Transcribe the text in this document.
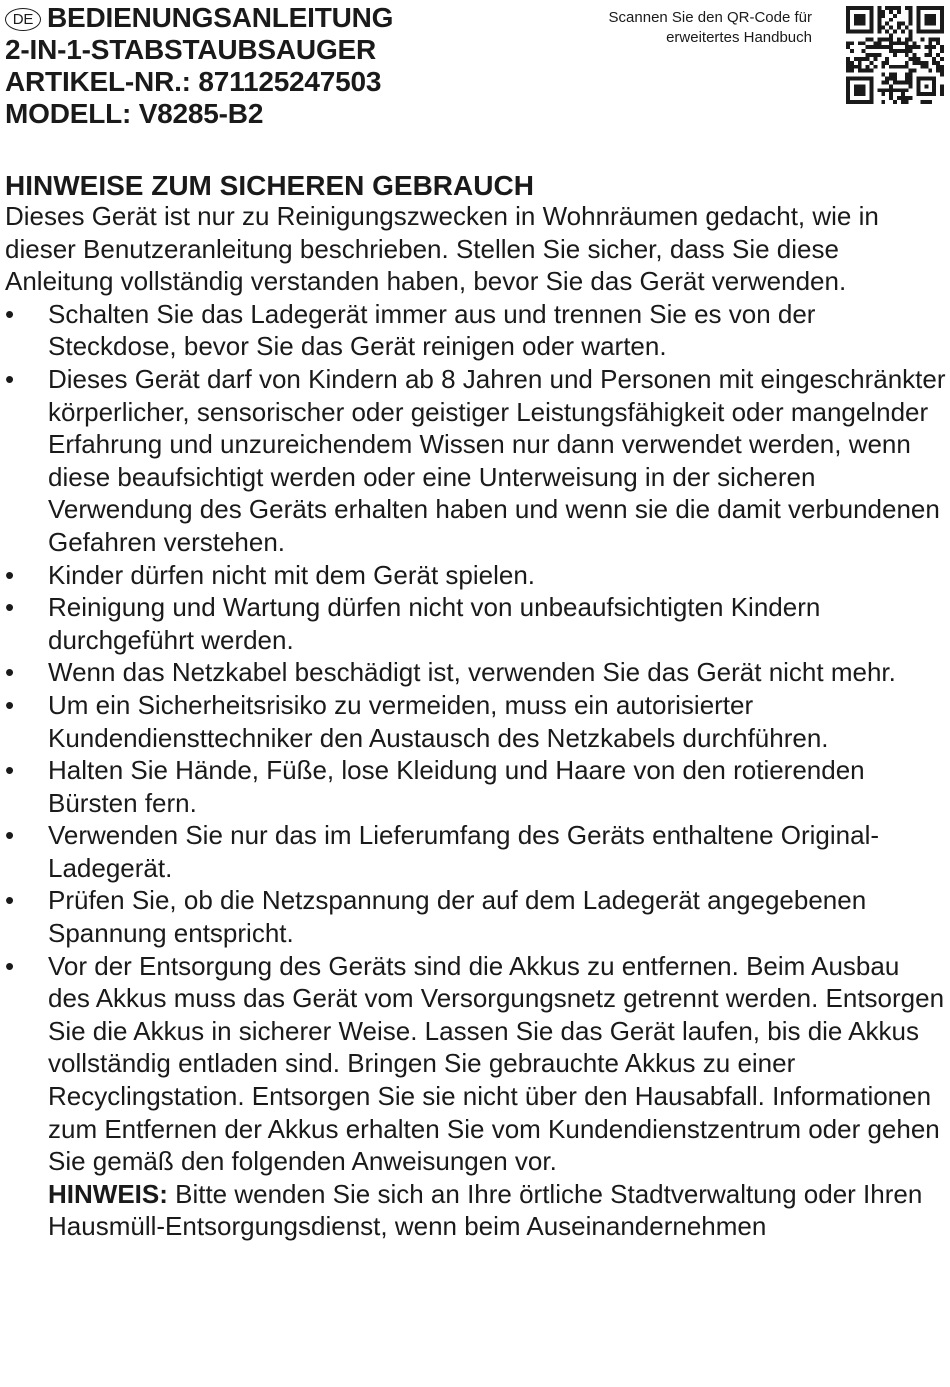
DE BEDIENUNGSANLEITUNG
2-IN-1-STABSTAUBSAUGER
ARTIKEL-NR.: 87112524750​3
MODELL: V8285-B2
Scannen Sie den QR-Code für
erweitertes Handbuch
HINWEISE ZUM SICHEREN GEBRAUCH

Dieses Gerät ist nur zu Reinigungszwecken in Wohnräumen gedacht, wie in dieser Benutzeranleitung beschrieben. Stellen Sie sicher, dass Sie diese Anleitung vollständig verstanden haben, bevor Sie das Gerät verwenden.

• Schalten Sie das Ladegerät immer aus und trennen Sie es von der Steckdose, bevor Sie das Gerät reinigen oder warten.
• Dieses Gerät darf von Kindern ab 8 Jahren und Personen mit eingeschränkter körperlicher, sensorischer oder geistiger Leistungsfähigkeit oder mangelnder Erfahrung und unzureichendem Wissen nur dann verwendet werden, wenn diese beaufsichtigt werden oder eine Unterweisung in der sicheren Verwendung des Geräts erhalten haben und wenn sie die damit verbundenen Gefahren verstehen.
• Kinder dürfen nicht mit dem Gerät spielen.
• Reinigung und Wartung dürfen nicht von unbeaufsichtigten Kindern durchgeführt werden.
• Wenn das Netzkabel beschädigt ist, verwenden Sie das Gerät nicht mehr.
• Um ein Sicherheitsrisiko zu vermeiden, muss ein autorisierter Kundendiensttechniker den Austausch des Netzkabels durchführen.
• Halten Sie Hände, Füße, lose Kleidung und Haare von den rotierenden Bürsten fern.
• Verwenden Sie nur das im Lieferumfang des Geräts enthaltene Original-Ladegerät.
• Prüfen Sie, ob die Netzspannung der auf dem Ladegerät angegebenen Spannung entspricht.
• Vor der Entsorgung des Geräts sind die Akkus zu entfernen. Beim Ausbau des Akkus muss das Gerät vom Versorgungsnetz getrennt werden. Entsorgen Sie die Akkus in sicherer Weise. Lassen Sie das Gerät laufen, bis die Akkus vollständig entladen sind. Bringen Sie gebrauchte Akkus zu einer Recyclingstation. Entsorgen Sie sie nicht über den Hausabfall. Informationen zum Entfernen der Akkus erhalten Sie vom Kundendienstzentrum oder gehen Sie gemäß den folgenden Anweisungen vor.

HINWEIS: Bitte wenden Sie sich an Ihre örtliche Stadtverwaltung oder Ihren Hausmüll-Entsorgungsdienst, wenn beim Auseinandernehmen
